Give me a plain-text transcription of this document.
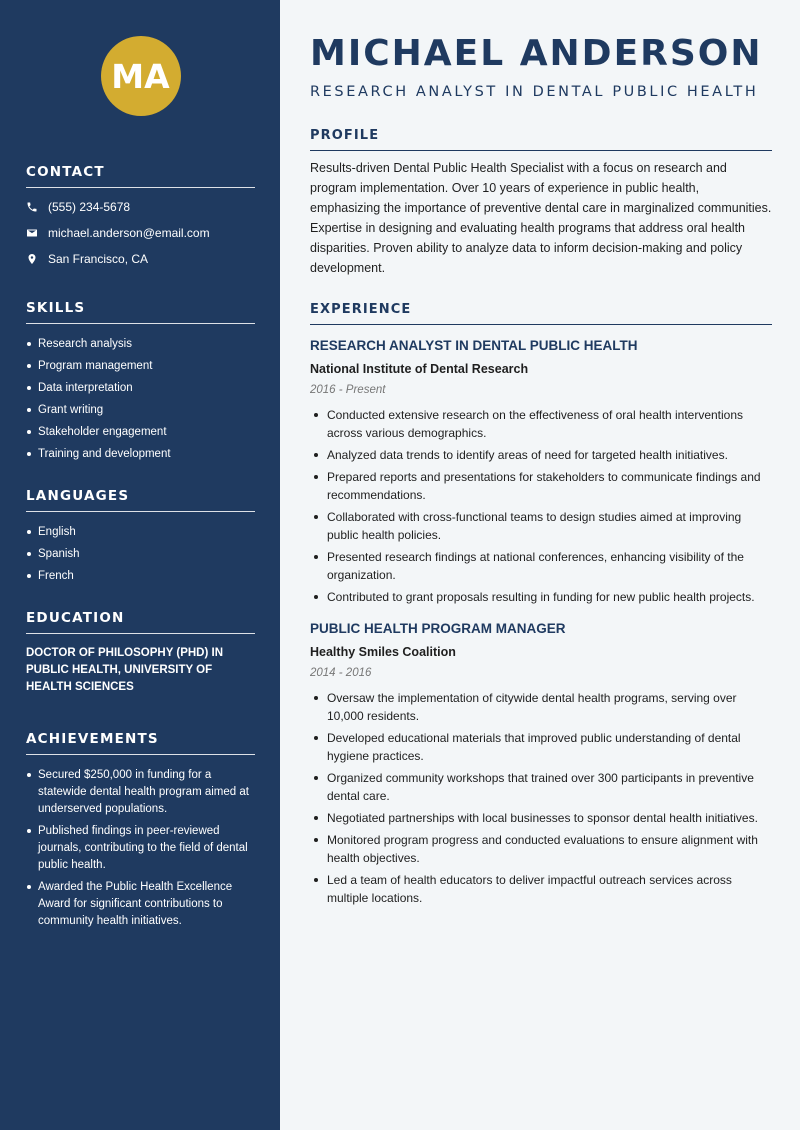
MA
CONTACT
(555) 234-5678
michael.anderson@email.com
San Francisco, CA
SKILLS
Research analysis
Program management
Data interpretation
Grant writing
Stakeholder engagement
Training and development
LANGUAGES
English
Spanish
French
EDUCATION

DOCTOR OF PHILOSOPHY (PHD) IN PUBLIC HEALTH, UNIVERSITY OF HEALTH SCIENCES

ACHIEVEMENTS
Secured $250,000 in funding for a statewide dental health program aimed at underserved populations.
Published findings in peer-reviewed journals, contributing to the field of dental public health.
Awarded the Public Health Excellence Award for significant contributions to community health initiatives.
MICHAEL ANDERSON
RESEARCH ANALYST IN DENTAL PUBLIC HEALTH
PROFILE

Results-driven Dental Public Health Specialist with a focus on research and program implementation. Over 10 years of experience in public health, emphasizing the importance of preventive dental care in marginalized communities. Expertise in designing and evaluating health programs that address oral health disparities. Proven ability to analyze data to inform decision-making and policy development.

EXPERIENCE
RESEARCH ANALYST IN DENTAL PUBLIC HEALTH
National Institute of Dental Research
2016 - Present
Conducted extensive research on the effectiveness of oral health interventions across various demographics.
Analyzed data trends to identify areas of need for targeted health initiatives.
Prepared reports and presentations for stakeholders to communicate findings and recommendations.
Collaborated with cross-functional teams to design studies aimed at improving public health policies.
Presented research findings at national conferences, enhancing visibility of the organization.
Contributed to grant proposals resulting in funding for new public health projects.
PUBLIC HEALTH PROGRAM MANAGER
Healthy Smiles Coalition
2014 - 2016
Oversaw the implementation of citywide dental health programs, serving over 10,000 residents.
Developed educational materials that improved public understanding of dental hygiene practices.
Organized community workshops that trained over 300 participants in preventive dental care.
Negotiated partnerships with local businesses to sponsor dental health initiatives.
Monitored program progress and conducted evaluations to ensure alignment with health objectives.
Led a team of health educators to deliver impactful outreach services across multiple locations.
